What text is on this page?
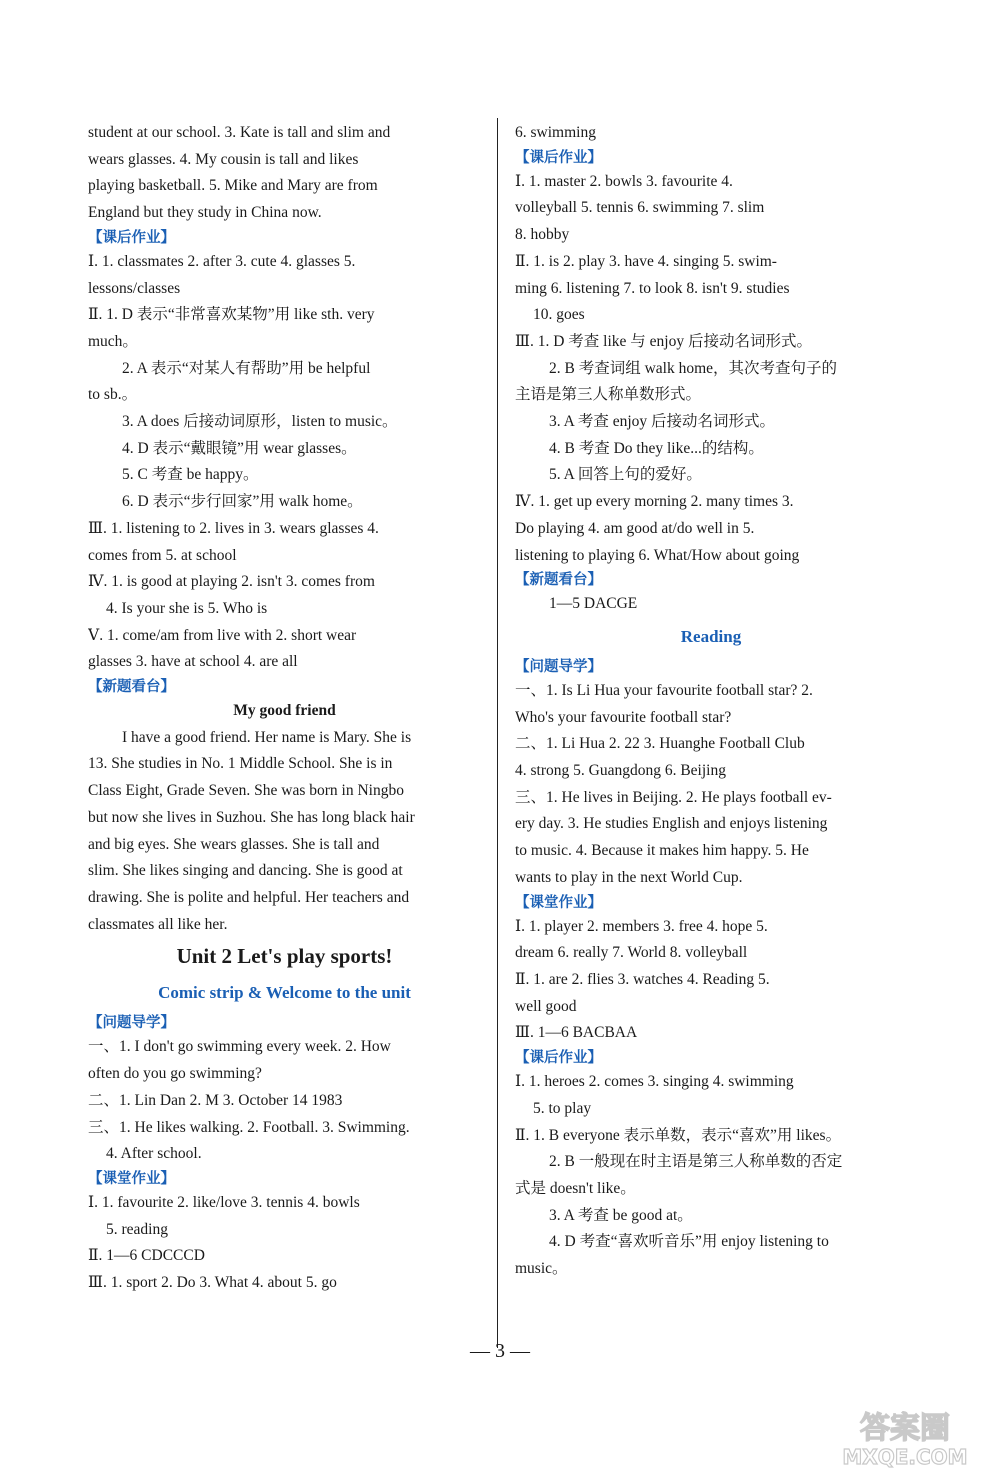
student at our school. 3. Kate is tall and slim and
wears glasses. 4. My cousin is tall and likes
playing basketball. 5. Mike and Mary are from
England but they study in China now.
【课后作业】
Ⅰ. 1. classmates 2. after 3. cute 4. glasses 5.
lessons/classes
Ⅱ. 1. D 表示“非常喜欢某物”用 like sth. very
much。
2. A 表示“对某人有帮助”用 be helpful
to sb.。
3. A does 后接动词原形，listen to music。
4. D 表示“戴眼镜”用 wear glasses。
5. C 考查 be happy。
6. D 表示“步行回家”用 walk home。
Ⅲ. 1. listening to 2. lives in 3. wears glasses 4.
comes from 5. at school
Ⅳ. 1. is good at playing 2. isn't 3. comes from
4. Is your she is 5. Who is
Ⅴ. 1. come/am from live with 2. short wear
glasses 3. have at school 4. are all
【新题看台】
My good friend
I have a good friend. Her name is Mary. She is
13. She studies in No. 1 Middle School. She is in
Class Eight, Grade Seven. She was born in Ningbo
but now she lives in Suzhou. She has long black hair
and big eyes. She wears glasses. She is tall and
slim. She likes singing and dancing. She is good at
drawing. She is polite and helpful. Her teachers and
classmates all like her.
Unit 2 Let's play sports!
Comic strip & Welcome to the unit
【问题导学】
一、1. I don't go swimming every week. 2. How
often do you go swimming?
二、1. Lin Dan 2. M 3. October 14 1983
三、1. He likes walking. 2. Football. 3. Swimming.
4. After school.
【课堂作业】
Ⅰ. 1. favourite 2. like/love 3. tennis 4. bowls
5. reading
Ⅱ. 1—6 CDCCCD
Ⅲ. 1. sport 2. Do 3. What 4. about 5. go
6. swimming
【课后作业】
Ⅰ. 1. master 2. bowls 3. favourite 4.
volleyball 5. tennis 6. swimming 7. slim
8. hobby
Ⅱ. 1. is 2. play 3. have 4. singing 5. swim-
ming 6. listening 7. to look 8. isn't 9. studies
10. goes
Ⅲ. 1. D 考查 like 与 enjoy 后接动名词形式。
2. B 考查词组 walk home，其次考查句子的
主语是第三人称单数形式。
3. A 考查 enjoy 后接动名词形式。
4. B 考查 Do they like...的结构。
5. A 回答上句的爱好。
Ⅳ. 1. get up every morning 2. many times 3.
Do playing 4. am good at/do well in 5.
listening to playing 6. What/How about going
【新题看台】
1—5 DACGE
Reading
【问题导学】
一、1. Is Li Hua your favourite football star? 2.
Who's your favourite football star?
二、1. Li Hua 2. 22 3. Huanghe Football Club
4. strong 5. Guangdong 6. Beijing
三、1. He lives in Beijing. 2. He plays football ev-
ery day. 3. He studies English and enjoys listening
to music. 4. Because it makes him happy. 5. He
wants to play in the next World Cup.
【课堂作业】
Ⅰ. 1. player 2. members 3. free 4. hope 5.
dream 6. really 7. World 8. volleyball
Ⅱ. 1. are 2. flies 3. watches 4. Reading 5.
well good
Ⅲ. 1—6 BACBAA
【课后作业】
Ⅰ. 1. heroes 2. comes 3. singing 4. swimming
5. to play
Ⅱ. 1. B everyone 表示单数，表示“喜欢”用 likes。
2. B 一般现在时主语是第三人称单数的否定
式是 doesn't like。
3. A 考查 be good at。
4. D 考查“喜欢听音乐”用 enjoy listening to
music。
— 3 —
答案圈
MXQE.COM
